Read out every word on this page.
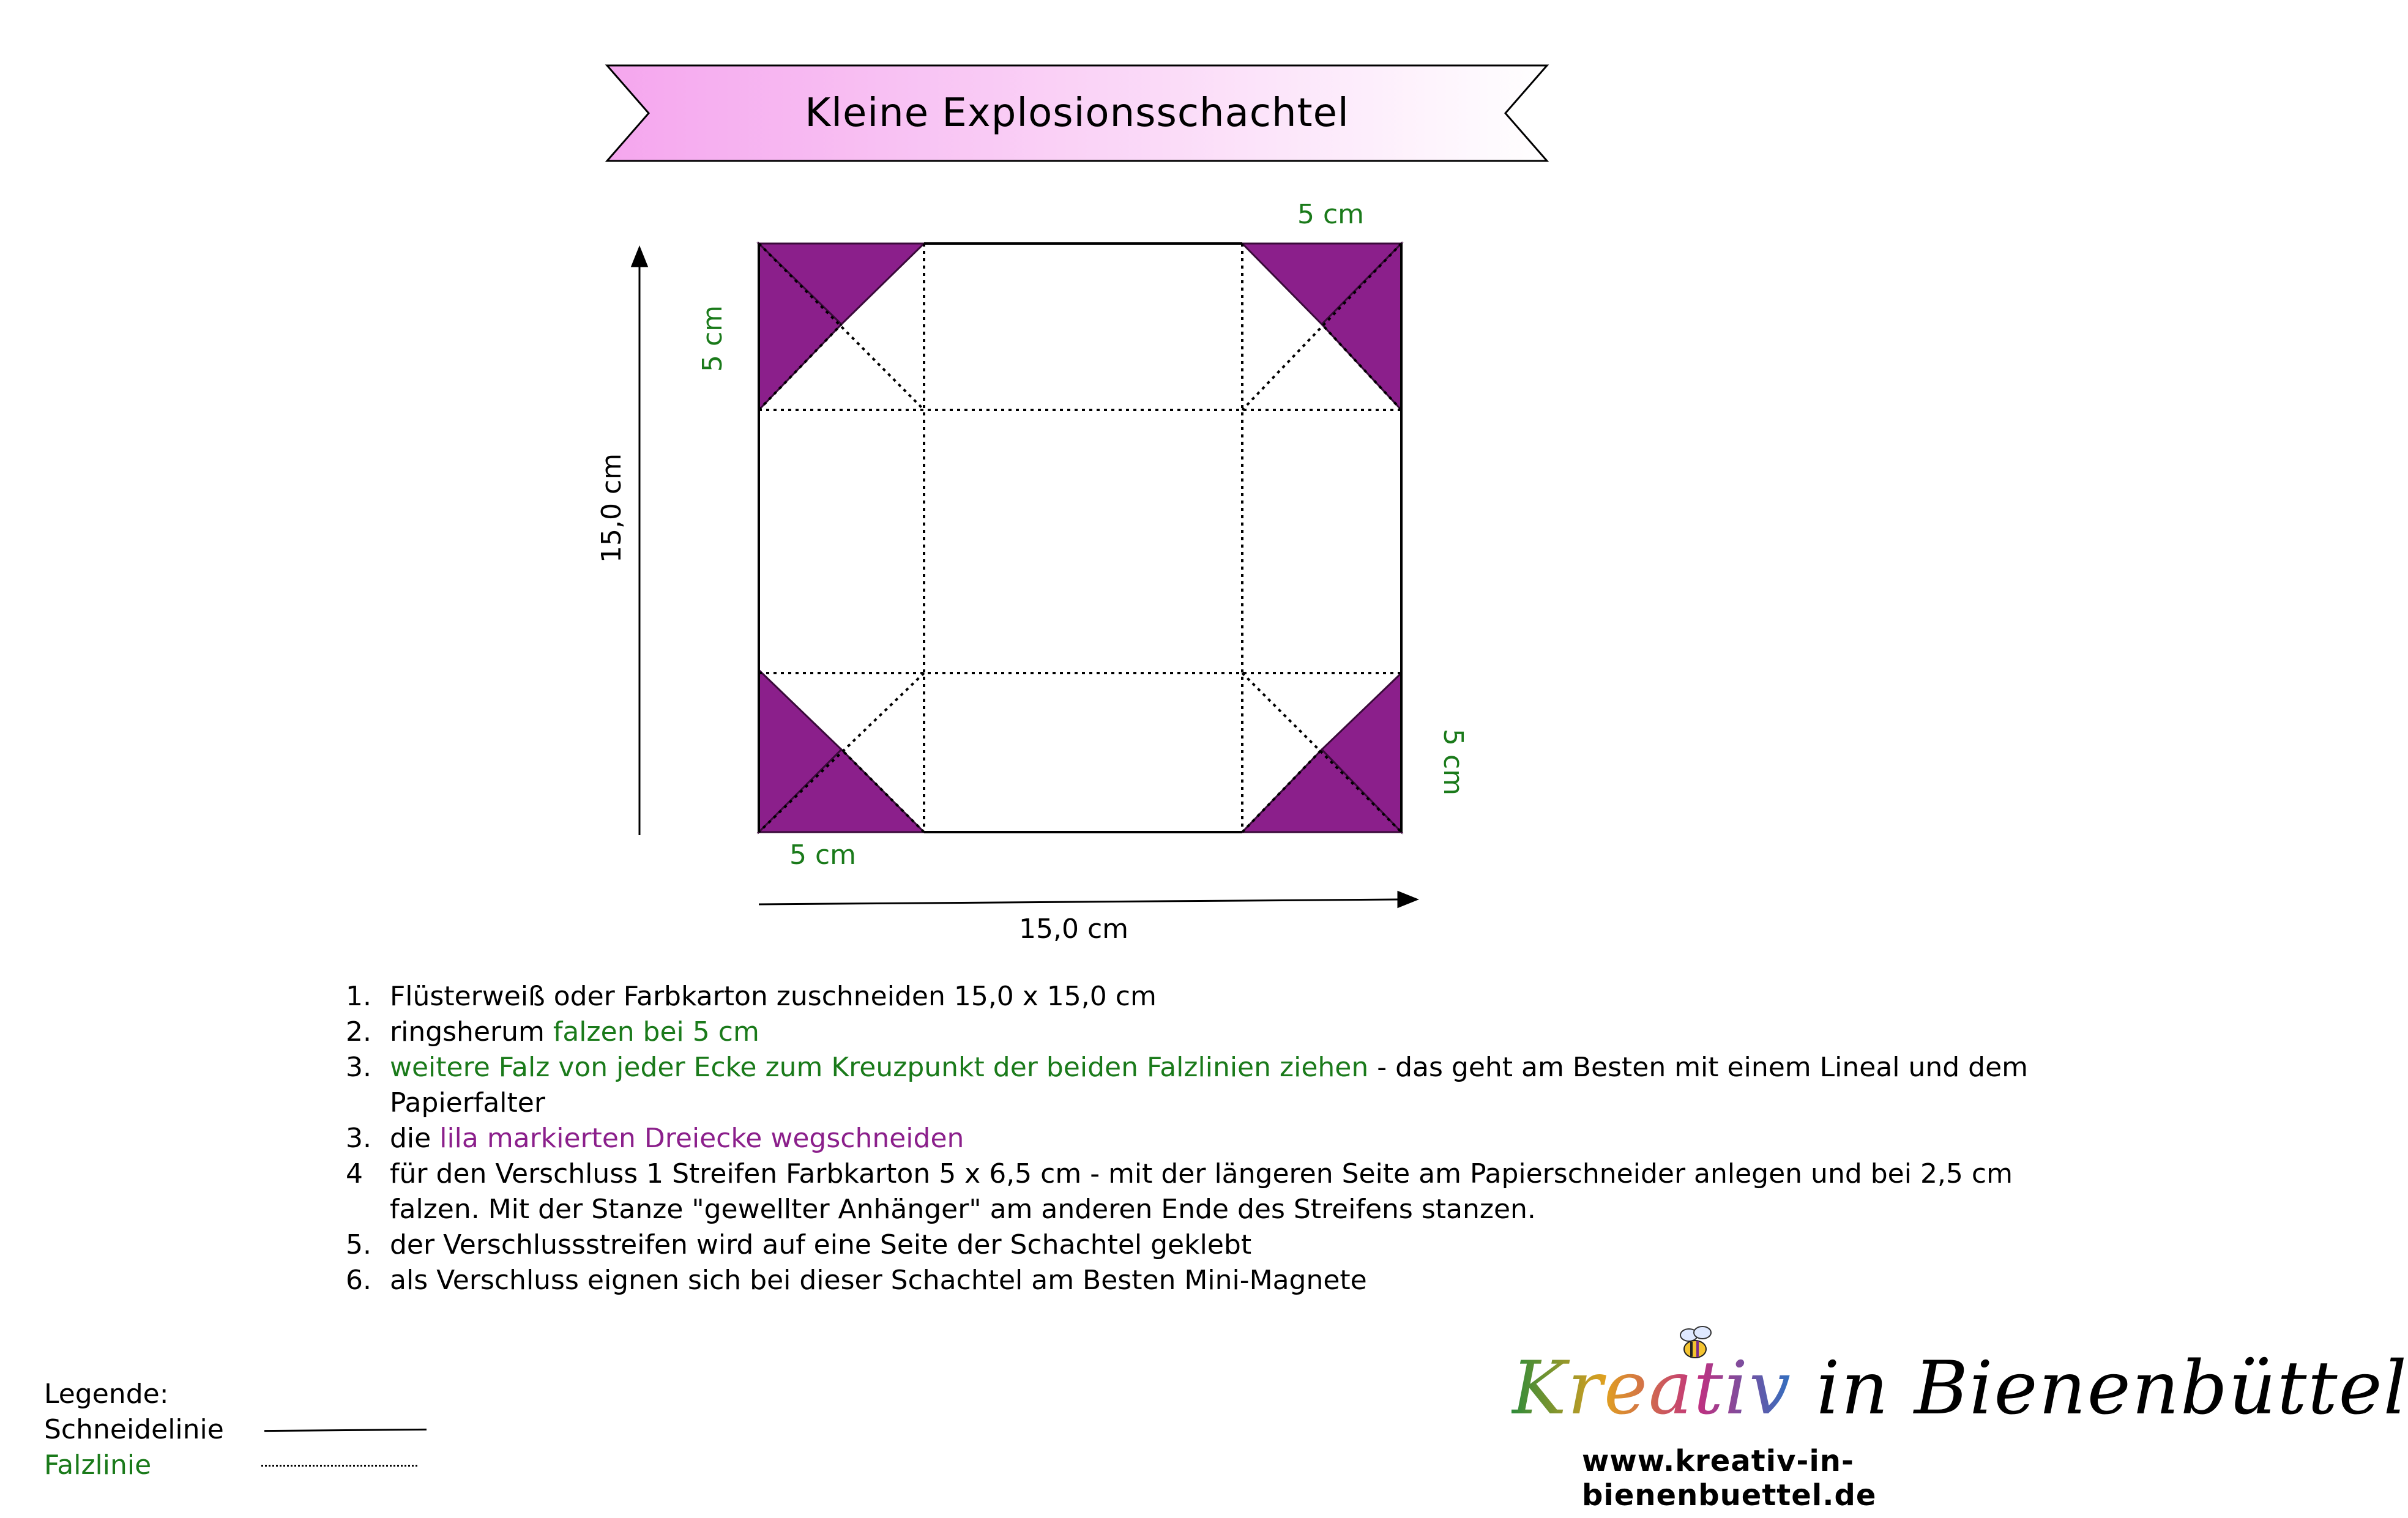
Kleine Explosionsschachtel
5 cm
5 cm
15,0 cm
5 cm
5 cm
15,0 cm
1. Flüsterweiß oder Farbkarton zuschneiden 15,0 x 15,0 cm
2. ringsherum falzen bei 5 cm
3. weitere Falz von jeder Ecke zum Kreuzpunkt der beiden Falzlinien ziehen - das geht am Besten mit einem Lineal und dem Papierfalter
3. die lila markierten Dreiecke wegschneiden
4 für den Verschluss 1 Streifen Farbkarton 5 x 6,5 cm - mit der längeren Seite am Papierschneider anlegen und bei 2,5 cm falzen. Mit der Stanze "gewellter Anhänger" am anderen Ende des Streifens stanzen.
5. der Verschlussstreifen wird auf eine Seite der Schachtel geklebt
6. als Verschluss eignen sich bei dieser Schachtel am Besten Mini-Magnete
Legende:
Schneidelinie
Falzlinie
Kreativ in Bienenbüttel
www.kreativ-in-bienenbuettel.de
